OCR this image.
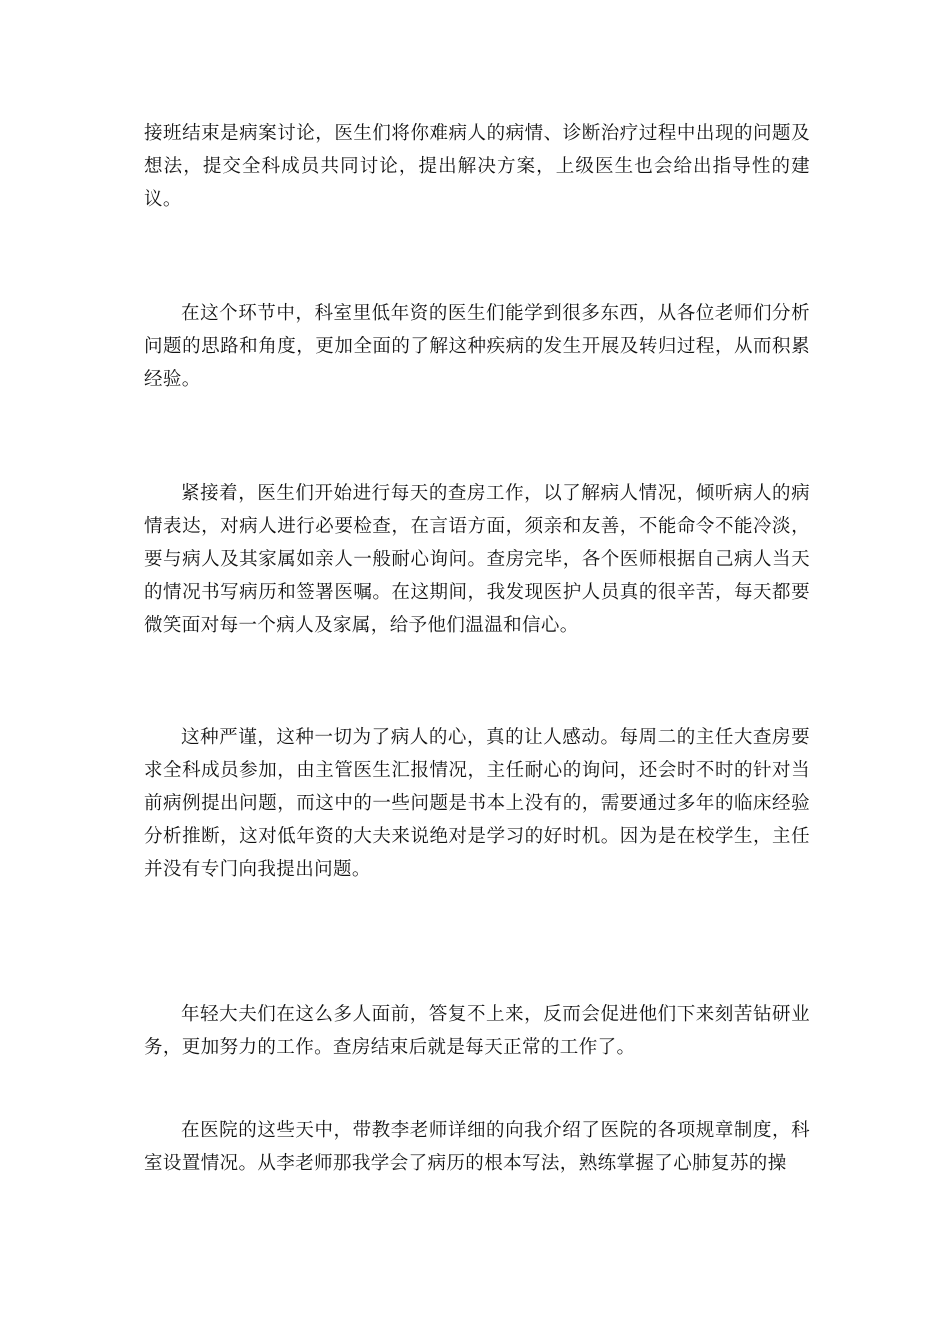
接班结束是病案讨论，医生们将你难病人的病情、诊断治疗过程中出现的问题及想法，提交全科成员共同讨论，提出解决方案，上级医生也会给出指导性的建议。

在这个环节中，科室里低年资的医生们能学到很多东西，从各位老师们分析问题的思路和角度，更加全面的了解这种疾病的发生开展及转归过程，从而积累经验。

紧接着，医生们开始进行每天的查房工作，以了解病人情况，倾听病人的病情表达，对病人进行必要检查，在言语方面，须亲和友善，不能命令不能冷淡，要与病人及其家属如亲人一般耐心询问。查房完毕，各个医师根据自己病人当天的情况书写病历和签署医嘱。在这期间，我发现医护人员真的很辛苦，每天都要微笑面对每一个病人及家属，给予他们温温和信心。

这种严谨，这种一切为了病人的心，真的让人感动。每周二的主任大查房要求全科成员参加，由主管医生汇报情况，主任耐心的询问，还会时不时的针对当前病例提出问题，而这中的一些问题是书本上没有的，需要通过多年的临床经验分析推断，这对低年资的大夫来说绝对是学习的好时机。因为是在校学生，主任并没有专门向我提出问题。

年轻大夫们在这么多人面前，答复不上来，反而会促进他们下来刻苦钻研业务，更加努力的工作。查房结束后就是每天正常的工作了。

在医院的这些天中，带教李老师详细的向我介绍了医院的各项规章制度，科室设置情况。从李老师那我学会了病历的根本写法，熟练掌握了心肺复苏的操
